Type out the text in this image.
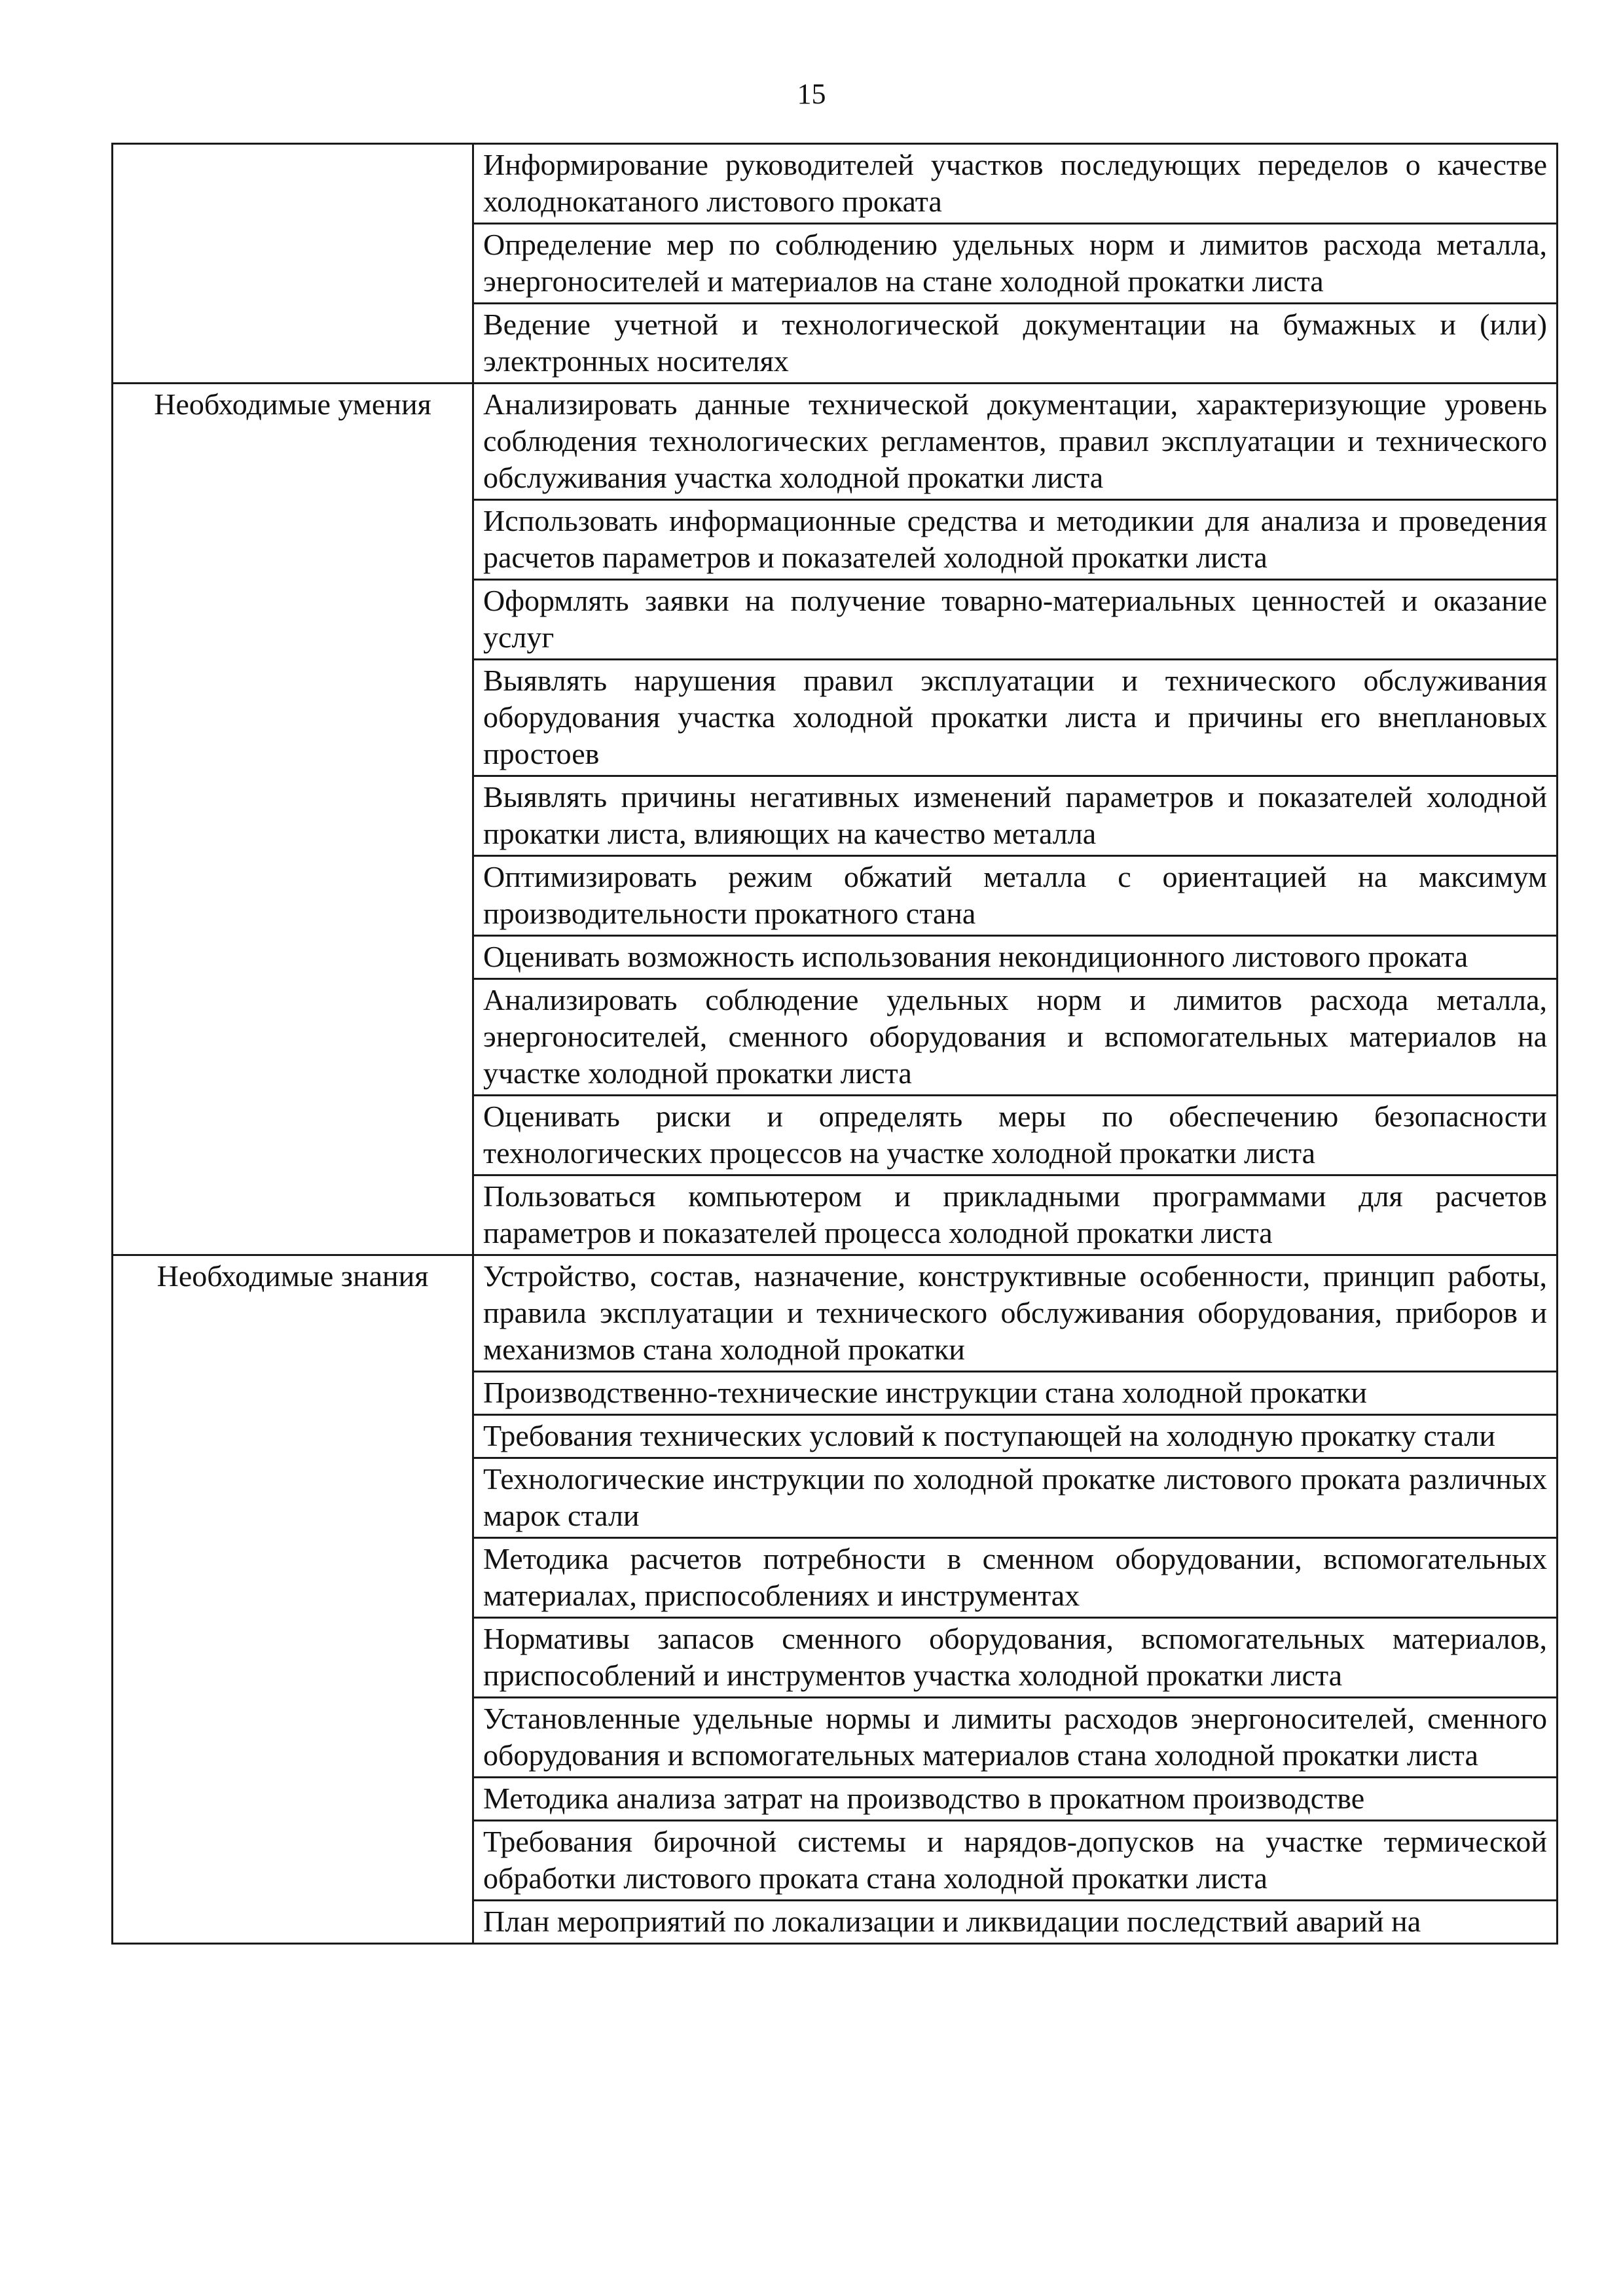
15
	Информирование руководителей участков последующих переделов о качестве холоднокатаного листового проката
	Определение мер по соблюдению удельных норм и лимитов расхода металла, энергоносителей и материалов на стане холодной прокатки листа
	Ведение учетной и технологической документации на бумажных и (или) электронных носителях
Необходимые умения	Анализировать данные технической документации, характеризующие уровень соблюдения технологических регламентов, правил эксплуатации и технического обслуживания участка холодной прокатки листа
	Использовать информационные средства и методикии для анализа и проведения расчетов параметров и показателей холодной прокатки листа
	Оформлять заявки на получение товарно-материальных ценностей и оказание услуг
	Выявлять нарушения правил эксплуатации и технического обслуживания оборудования участка холодной прокатки листа и причины его внеплановых простоев
	Выявлять причины негативных изменений параметров и показателей холодной прокатки листа, влияющих на качество металла
	Оптимизировать режим обжатий металла с ориентацией на максимум производительности прокатного стана
	Оценивать возможность использования некондиционного листового проката
	Анализировать соблюдение удельных норм и лимитов расхода металла, энергоносителей, сменного оборудования и вспомогательных материалов на участке холодной прокатки листа
	Оценивать риски и определять меры по обеспечению безопасности технологических процессов на участке холодной прокатки листа
	Пользоваться компьютером и прикладными программами для расчетов параметров и показателей процесса холодной прокатки листа
Необходимые знания	Устройство, состав, назначение, конструктивные особенности, принцип работы, правила эксплуатации и технического обслуживания оборудования, приборов и механизмов стана холодной прокатки
	Производственно-технические инструкции стана холодной прокатки
	Требования технических условий к поступающей на холодную прокатку стали
	Технологические инструкции по холодной прокатке листового проката различных марок стали
	Методика расчетов потребности в сменном оборудовании, вспомогательных материалах, приспособлениях и инструментах
	Нормативы запасов сменного оборудования, вспомогательных материалов, приспособлений и инструментов участка холодной прокатки листа
	Установленные удельные нормы и лимиты расходов энергоносителей, сменного оборудования и вспомогательных материалов стана холодной прокатки листа
	Методика анализа затрат на производство в прокатном производстве
	Требования бирочной системы и нарядов-допусков на участке термической обработки листового проката стана холодной прокатки листа
	План мероприятий по локализации и ликвидации последствий аварий на
